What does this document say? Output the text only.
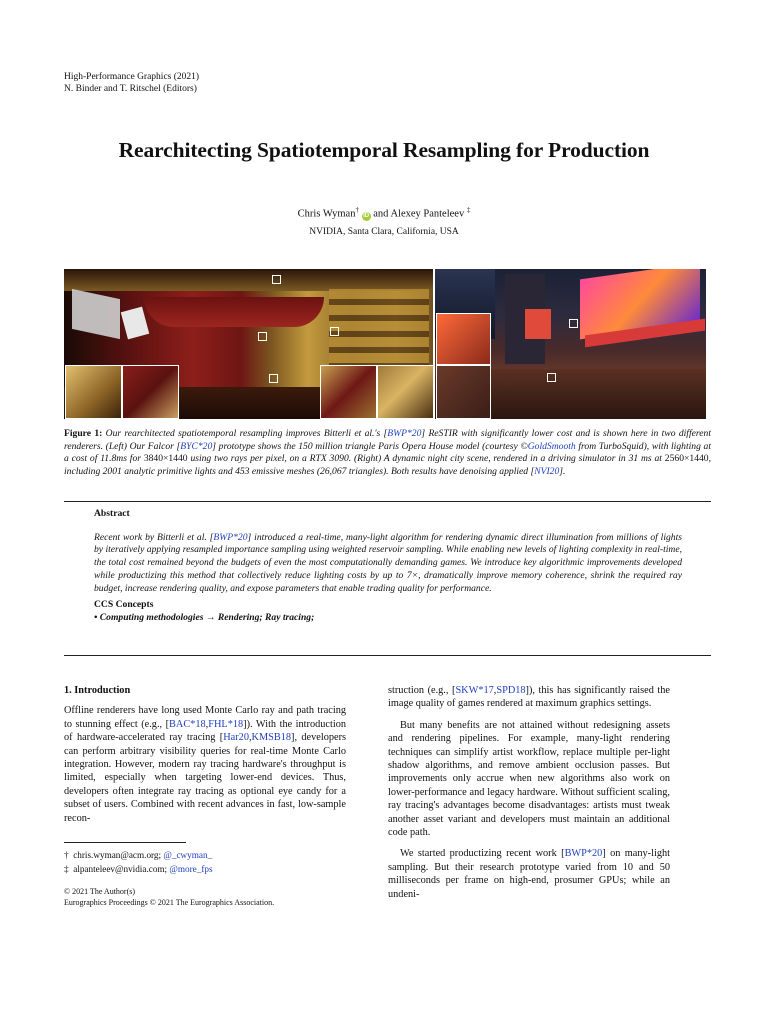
High-Performance Graphics (2021)
N. Binder and T. Ritschel (Editors)
Rearchitecting Spatiotemporal Resampling for Production
Chris Wyman† iD and Alexey Panteleev ‡
NVIDIA, Santa Clara, California, USA
Figure 1: Our rearchitected spatiotemporal resampling improves Bitterli et al.'s [BWP*20] ReSTIR with significantly lower cost and is shown here in two different renderers. (Left) Our Falcor [BYC*20] prototype shows the 150 million triangle Paris Opera House model (courtesy ©GoldSmooth from TurboSquid), with lighting at a cost of 11.8ms for 3840×1440 using two rays per pixel, on a RTX 3090. (Right) A dynamic night city scene, rendered in a driving simulator in 31 ms at 2560×1440, including 2001 analytic primitive lights and 453 emissive meshes (26,067 triangles). Both results have denoising applied [NVI20].
Abstract

Recent work by Bitterli et al. [BWP*20] introduced a real-time, many-light algorithm for rendering dynamic direct illumination from millions of lights by iteratively applying resampled importance sampling using weighted reservoir sampling. While enabling new levels of lighting complexity in real-time, the total cost remained beyond the budgets of even the most computationally demanding games. We introduce key algorithmic improvements developed while productizing this method that collectively reduce lighting costs by up to 7×, dramatically improve memory coherence, shrink the required ray budget, increase rendering quality, and expose parameters that enable trading quality for performance.

CCS Concepts
• Computing methodologies → Rendering; Ray tracing;
1. Introduction

Offline renderers have long used Monte Carlo ray and path tracing to stunning effect (e.g., [BAC*18,FHL*18]). With the introduction of hardware-accelerated ray tracing [Har20,KMSB18], developers can perform arbitrary visibility queries for real-time Monte Carlo integration. However, modern ray tracing hardware's throughput is limited, especially when targeting lower-end devices. Thus, developers often integrate ray tracing as optional eye candy for a subset of users. Combined with recent advances in fast, low-sample recon-

struction (e.g., [SKW*17,SPD18]), this has significantly raised the image quality of games rendered at maximum graphics settings.

But many benefits are not attained without redesigning assets and rendering pipelines. For example, many-light rendering techniques can simplify artist workflow, replace multiple per-light shadow algorithms, and remove ambient occlusion passes. But improvements only accrue when new algorithms also work on lower-performance and legacy hardware. Without sufficient scaling, ray tracing's advantages become disadvantages: artists must tweak another asset variant and developers must maintain an additional code path.

We started productizing recent work [BWP*20] on many-light sampling. But their research prototype varied from 10 and 50 milliseconds per frame on high-end, prosumer GPUs; while an undeni-

† chris.wyman@acm.org; @_cwyman_
‡ alpanteleev@nvidia.com; @more_fps
© 2021 The Author(s)
Eurographics Proceedings © 2021 The Eurographics Association.
